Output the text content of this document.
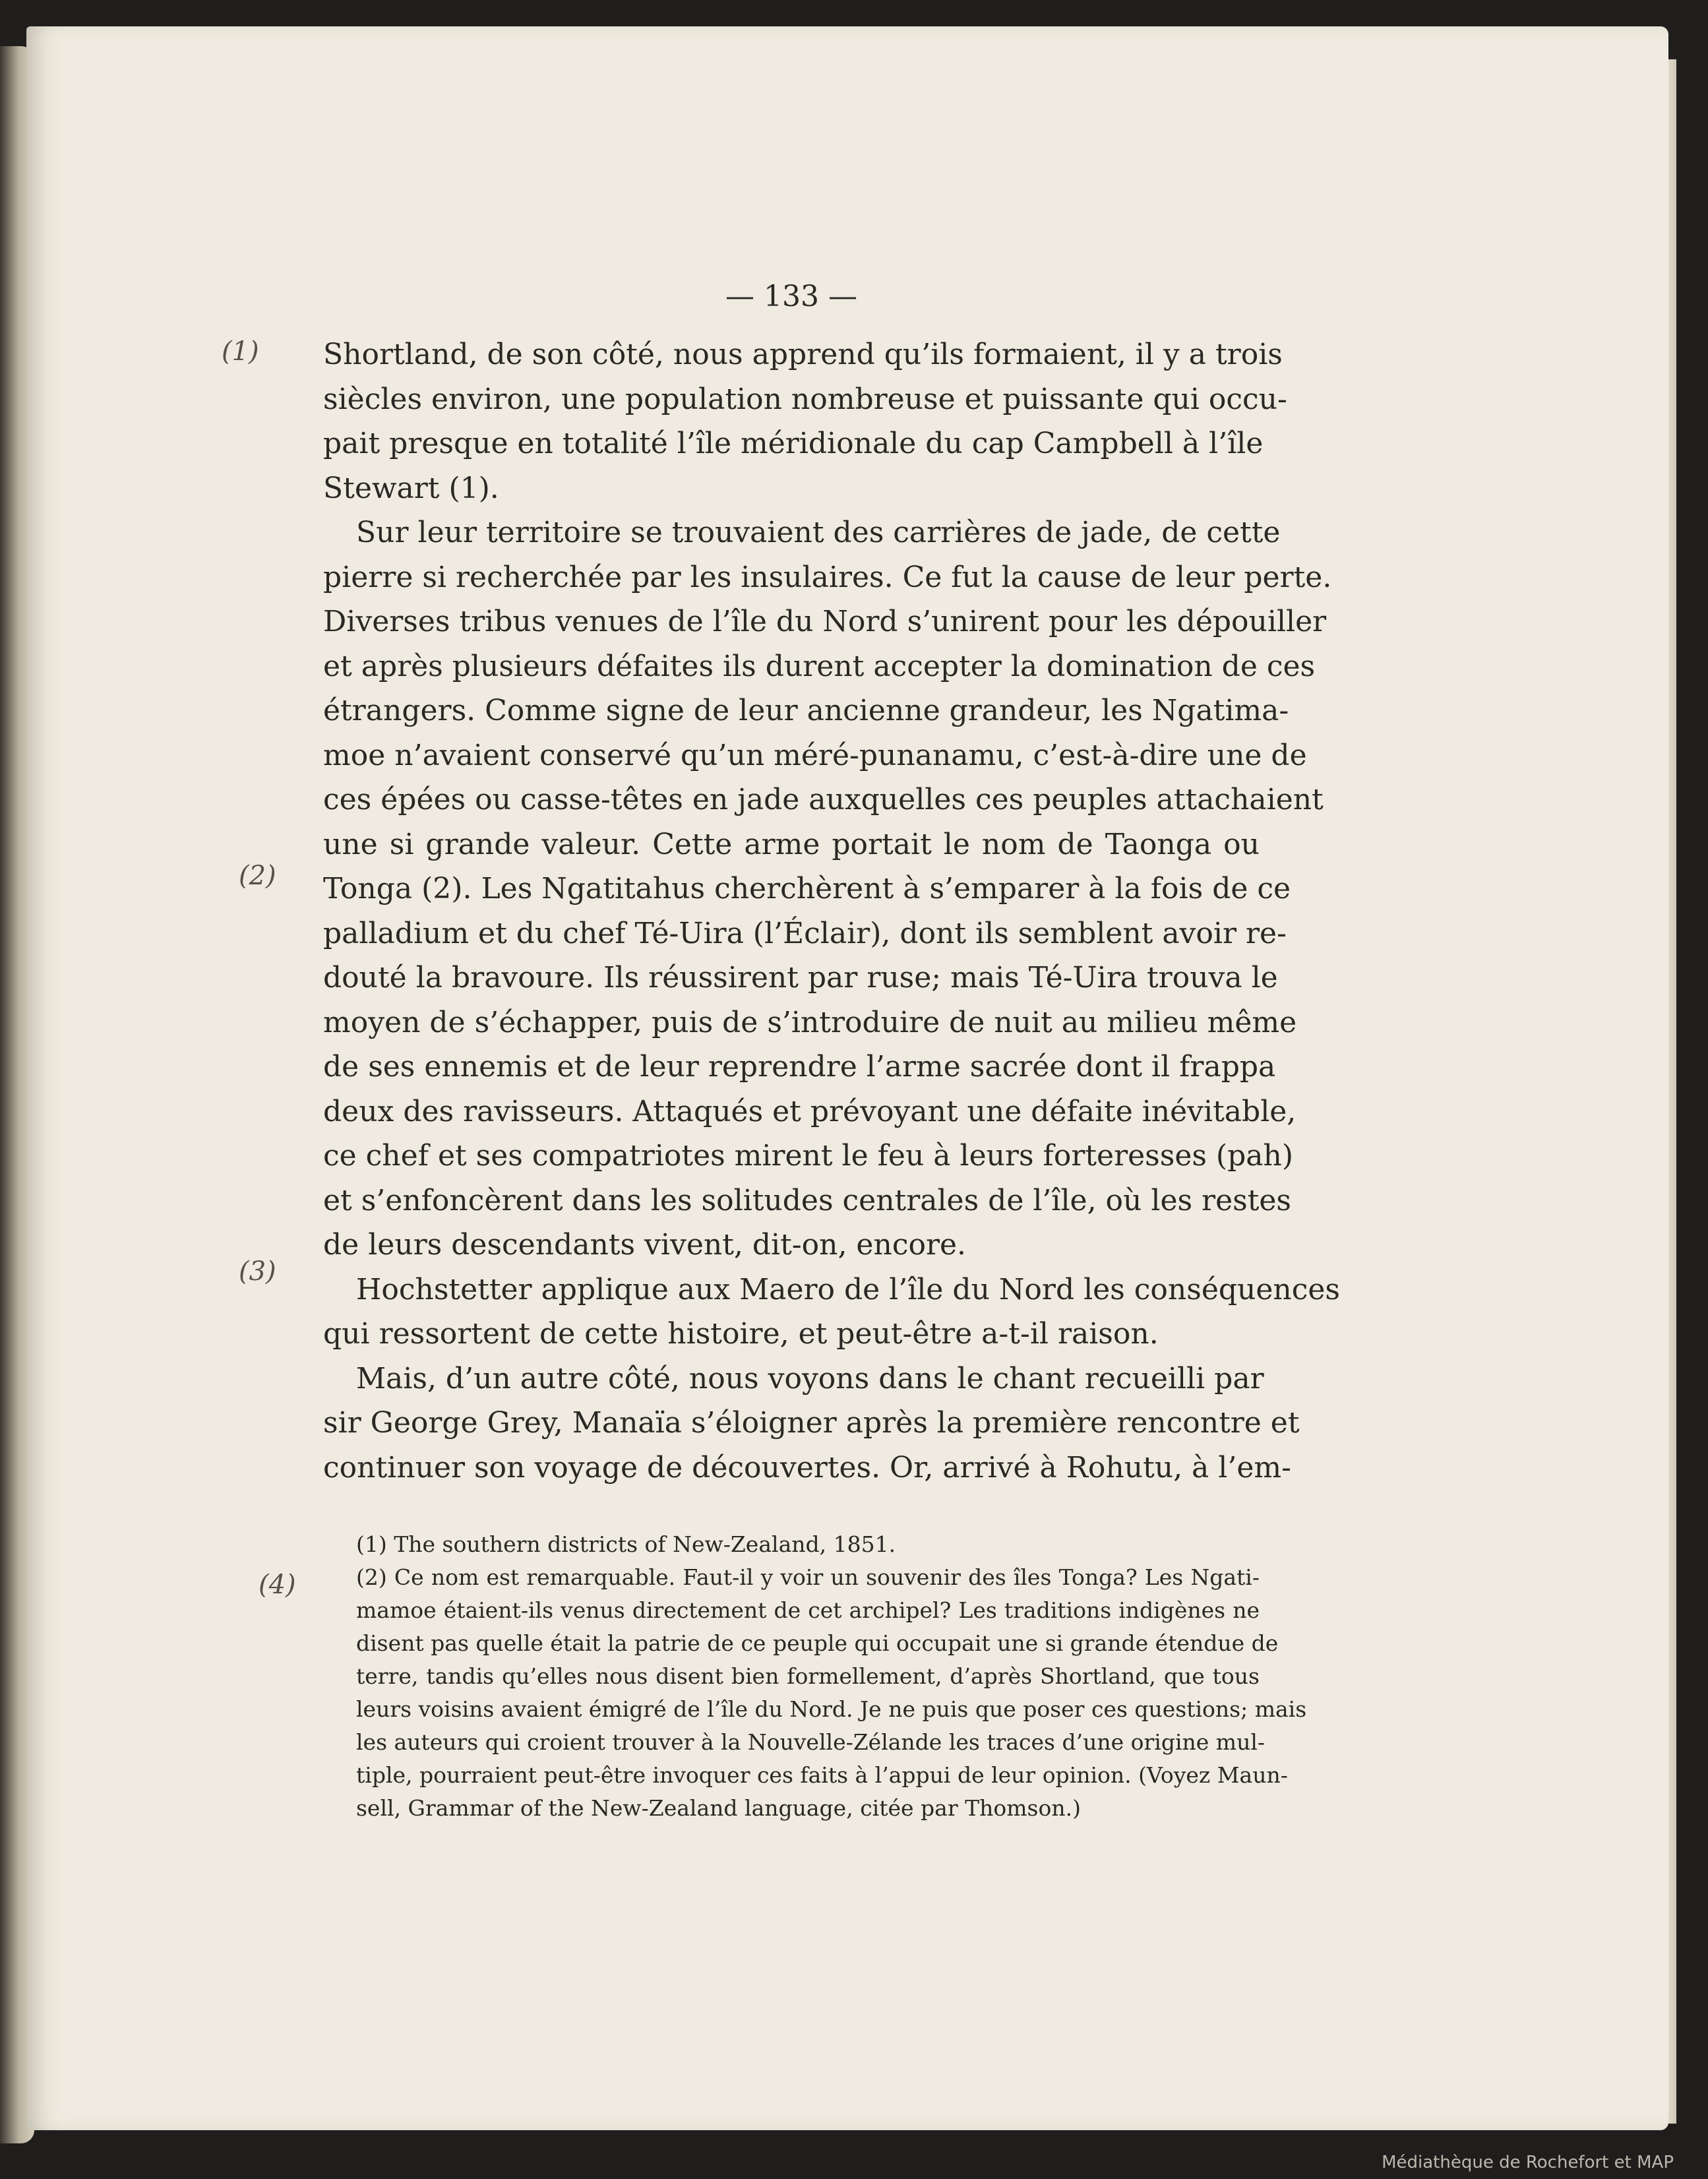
(1)
(2)
(3)
(4)
— 133 —
Shortland, de son côté, nous apprend qu’ils formaient, il y a trois
siècles environ, une population nombreuse et puissante qui occu-
pait presque en totalité l’île méridionale du cap Campbell à l’île
Stewart (1).
Sur leur territoire se trouvaient des carrières de jade, de cette
pierre si recherchée par les insulaires. Ce fut la cause de leur perte.
Diverses tribus venues de l’île du Nord s’unirent pour les dépouiller
et après plusieurs défaites ils durent accepter la domination de ces
étrangers. Comme signe de leur ancienne grandeur, les Ngatima-
moe n’avaient conservé qu’un méré-punanamu, c’est-à-dire une de
ces épées ou casse-têtes en jade auxquelles ces peuples attachaient
une si grande valeur. Cette arme portait le nom de Taonga ou
Tonga (2). Les Ngatitahus cherchèrent à s’emparer à la fois de ce
palladium et du chef Té-Uira (l’Éclair), dont ils semblent avoir re-
douté la bravoure. Ils réussirent par ruse; mais Té-Uira trouva le
moyen de s’échapper, puis de s’introduire de nuit au milieu même
de ses ennemis et de leur reprendre l’arme sacrée dont il frappa
deux des ravisseurs. Attaqués et prévoyant une défaite inévitable,
ce chef et ses compatriotes mirent le feu à leurs forteresses (pah)
et s’enfoncèrent dans les solitudes centrales de l’île, où les restes
de leurs descendants vivent, dit-on, encore.
Hochstetter applique aux Maero de l’île du Nord les conséquences
qui ressortent de cette histoire, et peut-être a-t-il raison.
Mais, d’un autre côté, nous voyons dans le chant recueilli par
sir George Grey, Manaïa s’éloigner après la première rencontre et
continuer son voyage de découvertes. Or, arrivé à Rohutu, à l’em-
(1) The southern districts of New-Zealand, 1851.
(2) Ce nom est remarquable. Faut-il y voir un souvenir des îles Tonga? Les Ngati-
mamoe étaient-ils venus directement de cet archipel? Les traditions indigènes ne
disent pas quelle était la patrie de ce peuple qui occupait une si grande étendue de
terre, tandis qu’elles nous disent bien formellement, d’après Shortland, que tous
leurs voisins avaient émigré de l’île du Nord. Je ne puis que poser ces questions; mais
les auteurs qui croient trouver à la Nouvelle-Zélande les traces d’une origine mul-
tiple, pourraient peut-être invoquer ces faits à l’appui de leur opinion. (Voyez Maun-
sell, Grammar of the New-Zealand language, citée par Thomson.)
Médiathèque de Rochefort et MAP
